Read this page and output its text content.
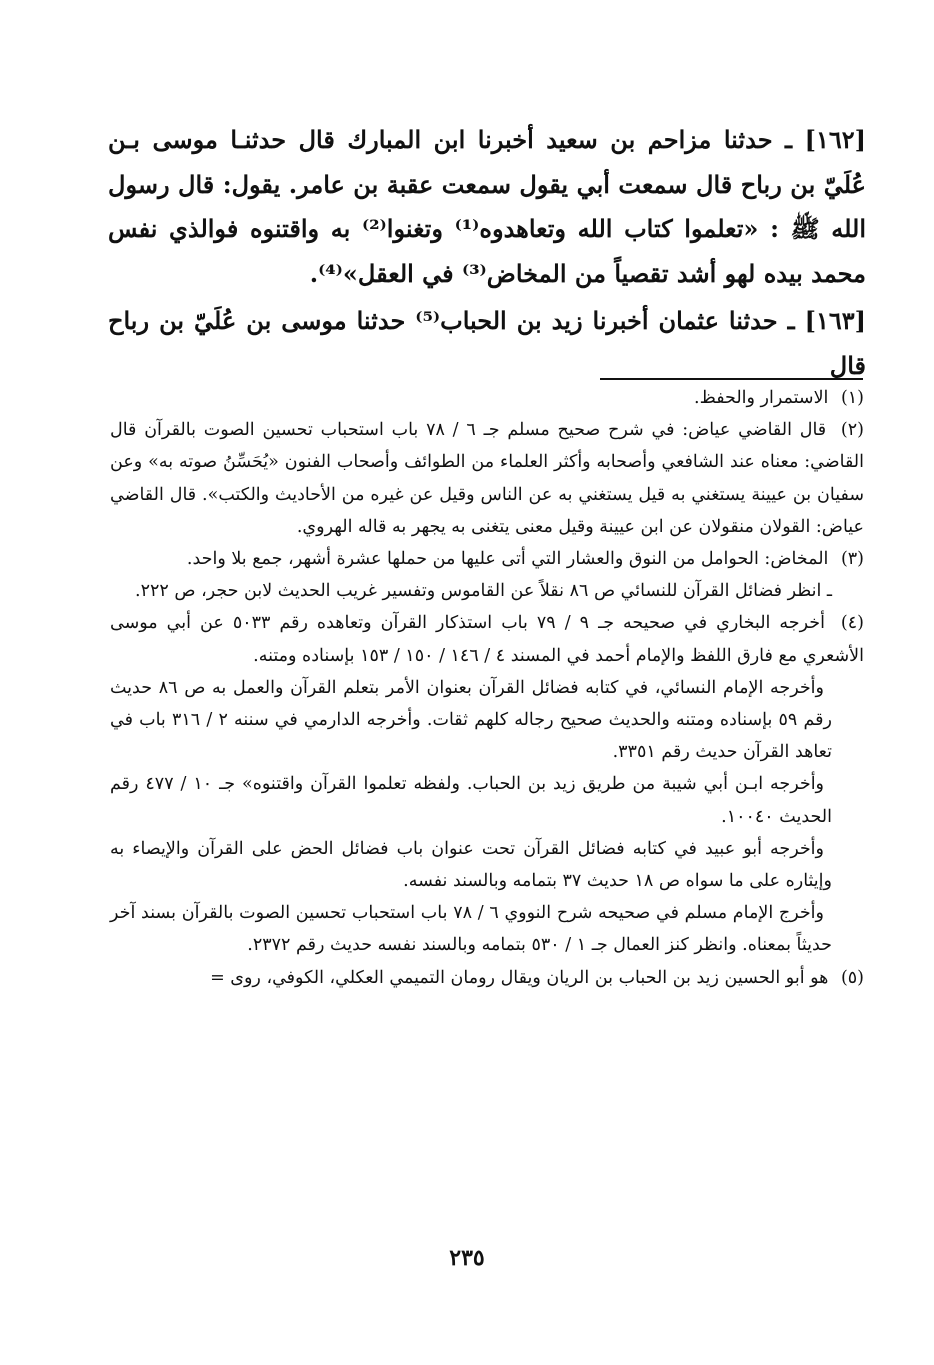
[١٦٢] ـ حدثنا مزاحم بن سعيد أخبرنا ابن المبارك قال حدثنـا موسى بـن عُلَيّ بن رباح قال سمعت أبي يقول سمعت عقبة بن عامر. يقول: قال رسول الله ﷺ : «تعلموا كتاب الله وتعاهدوه⁽¹⁾ وتغنوا⁽²⁾ به واقتنوه فوالذي نفس محمد بيده لهو أشد تقصياً من المخاض⁽³⁾ في العقل»⁽⁴⁾.

[١٦٣] ـ حدثنا عثمان أخبرنا زيد بن الحباب⁽⁵⁾ حدثنا موسى بن عُلَيّ بن رباح قال

(١) الاستمرار والحفظ.

(٢) قال القاضي عياض: في شرح صحيح مسلم جـ ٦ / ٧٨ باب استحباب تحسين الصوت بالقرآن قال القاضي: معناه عند الشافعي وأصحابه وأكثر العلماء من الطوائف وأصحاب الفنون «يُحَسِّنُ صوته به» وعن سفيان بن عيينة يستغني به قيل يستغني به عن الناس وقيل عن غيره من الأحاديث والكتب». قال القاضي عياض: القولان منقولان عن ابن عيينة وقيل معنى يتغنى به يجهر به قاله الهروي.

(٣) المخاض: الحوامل من النوق والعشار التي أتى عليها من حملها عشرة أشهر، جمع بلا واحد.

ـ انظر فضائل القرآن للنسائي ص ٨٦ نقلاً عن القاموس وتفسير غريب الحديث لابن حجر، ص ٢٢٢.

(٤) أخرجه البخاري في صحيحه جـ ٩ / ٧٩ باب استذكار القرآن وتعاهده رقم ٥٠٣٣ عن أبي موسى الأشعري مع فارق اللفظ والإمام أحمد في المسند ٤ / ١٤٦ / ١٥٠ / ١٥٣ بإسناده ومتنه.

وأخرجه الإمام النسائي، في كتابه فضائل القرآن بعنوان الأمر بتعلم القرآن والعمل به ص ٨٦ حديث رقم ٥٩ بإسناده ومتنه والحديث صحيح رجاله كلهم ثقات. وأخرجه الدارمي في سننه ٢ / ٣١٦ باب في تعاهد القرآن حديث رقم ٣٣٥١.

وأخرجه ابـن أبي شيبة من طريق زيد بن الحباب. ولفظه تعلموا القرآن واقتنوه» جـ ١٠ / ٤٧٧ رقم الحديث ١٠٠٤٠.

وأخرجه أبو عبيد في كتابه فضائل القرآن تحت عنوان باب فضائل الحض على القرآن والإيصاء به وإيثاره على ما سواه ص ١٨ حديث ٣٧ بتمامه وبالسند نفسه.

وأخرج الإمام مسلم في صحيحه شرح النووي ٦ / ٧٨ باب استحباب تحسين الصوت بالقرآن بسند آخر حديثاً بمعناه. وانظر كنز العمال جـ ١ / ٥٣٠ بتمامه وبالسند نفسه حديث رقم ٢٣٧٢.

(٥) هو أبو الحسين زيد بن الحباب بن الريان ويقال رومان التميمي العكلي، الكوفي، روى =

٢٣٥
